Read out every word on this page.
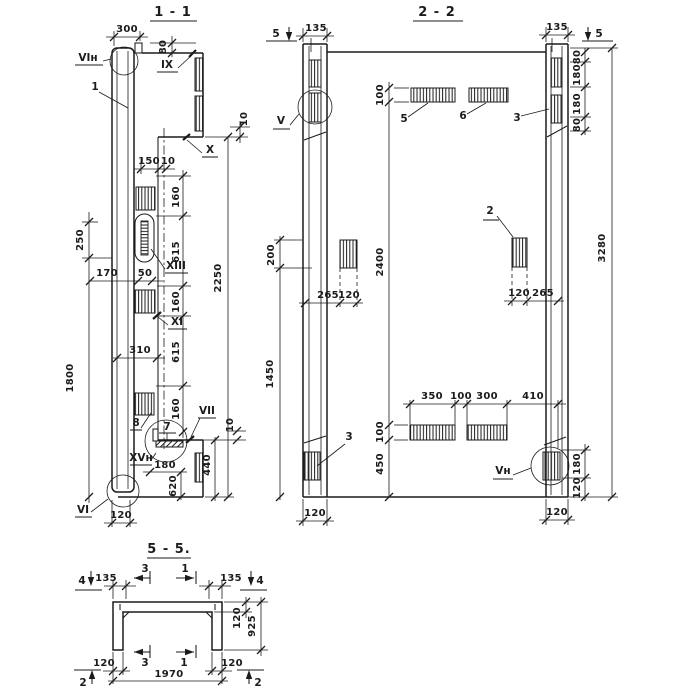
1 - 1
300
80
VIн
1
IX
X
150 10
10
160
615
160
615
160
2250
XIII
170 50
250
1800
310
XI
8 7
VII
XVн
180
620
440
10
VI 120
2 - 2
5	5
135	135
V	5	6	3
80
180
180
80
3280
100
2400
100
450
2
265 120	120 265
200
1450
350 100 300 410
3
Vн	180
120
120	120
5 - 5.
4	4
135	135
3	1
120 925
120	120
1970
3	1
2	2
